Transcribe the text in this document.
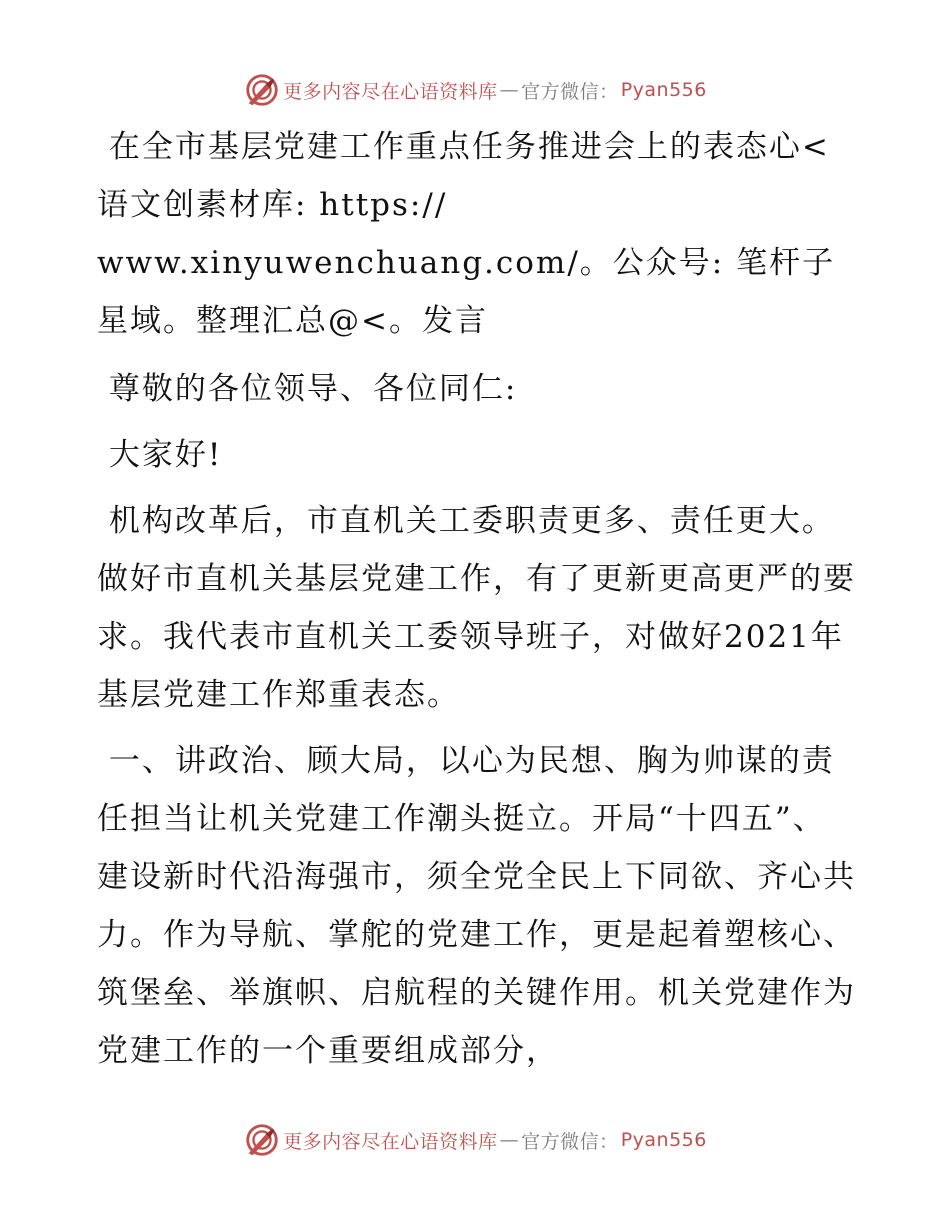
更多内容尽在心语资料库 — 官方微信： Pyan556

在全市基层党建工作重点任务推进会上的表态心<语文创素材库: https://
www.xinyuwenchuang.com/。公众号: 笔杆子星域。整理汇总@<。发言

尊敬的各位领导、各位同仁:

大家好!

机构改革后，市直机关工委职责更多、责任更大。做好市直机关基层党建工作，有了更新更高更严的要求。我代表市直机关工委领导班子，对做好2021年基层党建工作郑重表态。

一、讲政治、顾大局，以心为民想、胸为帅谋的责任担当让机关党建工作潮头挺立。开局“十四五”、建设新时代沿海强市，须全党全民上下同欲、齐心共力。作为导航、掌舵的党建工作，更是起着塑核心、筑堡垒、举旗帜、启航程的关键作用。机关党建作为党建工作的一个重要组成部分，

更多内容尽在心语资料库 — 官方微信： Pyan556
